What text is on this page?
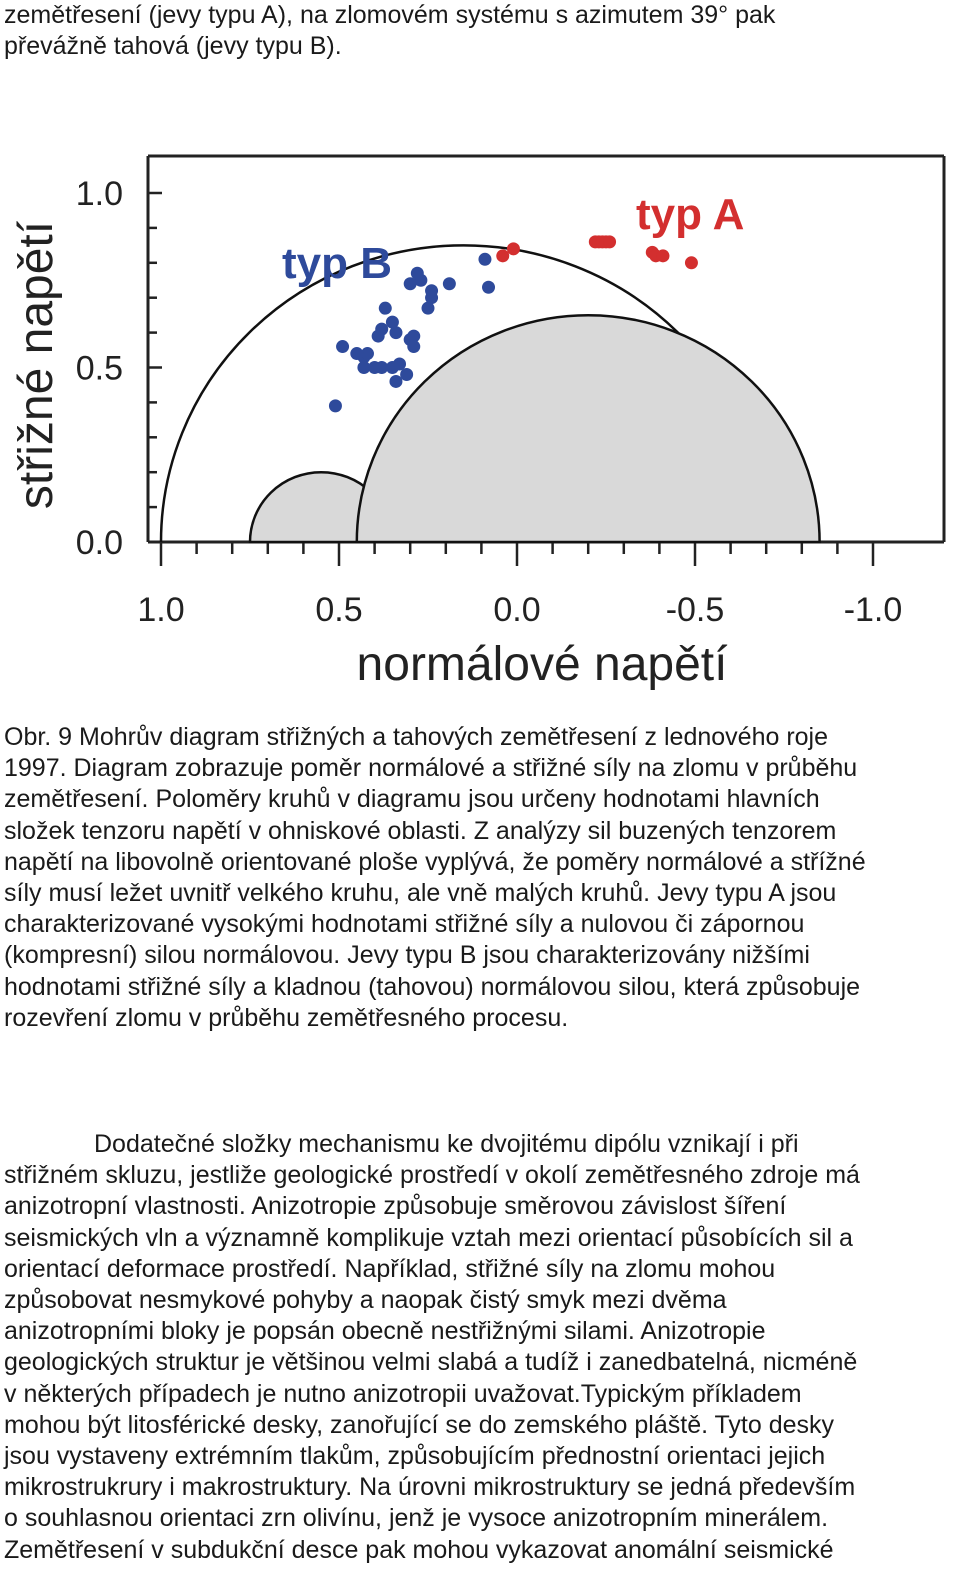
zemětřesení (jevy typu A), na zlomovém systému s azimutem 39° pak
převážně tahová (jevy typu B).
0.0
0.5
1.0
1.0	0.5	0.0	-0.5	-1.0
normálové napětí
střižné napětí
typ A
typ B
Obr. 9 Mohrův diagram střižných a tahových zemětřesení z lednového roje
1997. Diagram zobrazuje poměr normálové a střižné síly na zlomu v průběhu
zemětřesení. Poloměry kruhů v diagramu jsou určeny hodnotami hlavních
složek tenzoru napětí v ohniskové oblasti. Z analýzy sil buzených tenzorem
napětí na libovolně orientované ploše vyplývá, že poměry normálové a střížné
síly musí ležet uvnitř velkého kruhu, ale vně malých kruhů. Jevy typu A jsou
charakterizované vysokými hodnotami střižné síly a nulovou či zápornou
(kompresní) silou normálovou. Jevy typu B jsou charakterizovány nižšími
hodnotami střižné síly a kladnou (tahovou) normálovou silou, která způsobuje
rozevření zlomu v průběhu zemětřesného procesu.
Dodatečné složky mechanismu ke dvojitému dipólu vznikají i při
střižném skluzu, jestliže geologické prostředí v okolí zemětřesného zdroje má
anizotropní vlastnosti. Anizotropie způsobuje směrovou závislost šíření
seismických vln a významně komplikuje vztah mezi orientací působících sil a
orientací deformace prostředí. Například, střižné síly na zlomu mohou
způsobovat nesmykové pohyby a naopak čistý smyk mezi dvěma
anizotropními bloky je popsán obecně nestřižnými silami. Anizotropie
geologických struktur je většinou velmi slabá a tudíž i zanedbatelná, nicméně
v některých případech je nutno anizotropii uvažovat.Typickým příkladem
mohou být litosférické desky, zanořující se do zemského pláště. Tyto desky
jsou vystaveny extrémním tlakům, způsobujícím přednostní orientaci jejich
mikrostrukrury i makrostruktury. Na úrovni mikrostruktury se jedná především
o souhlasnou orientaci zrn olivínu, jenž je vysoce anizotropním minerálem.
Zemětřesení v subdukční desce pak mohou vykazovat anomální seismické
